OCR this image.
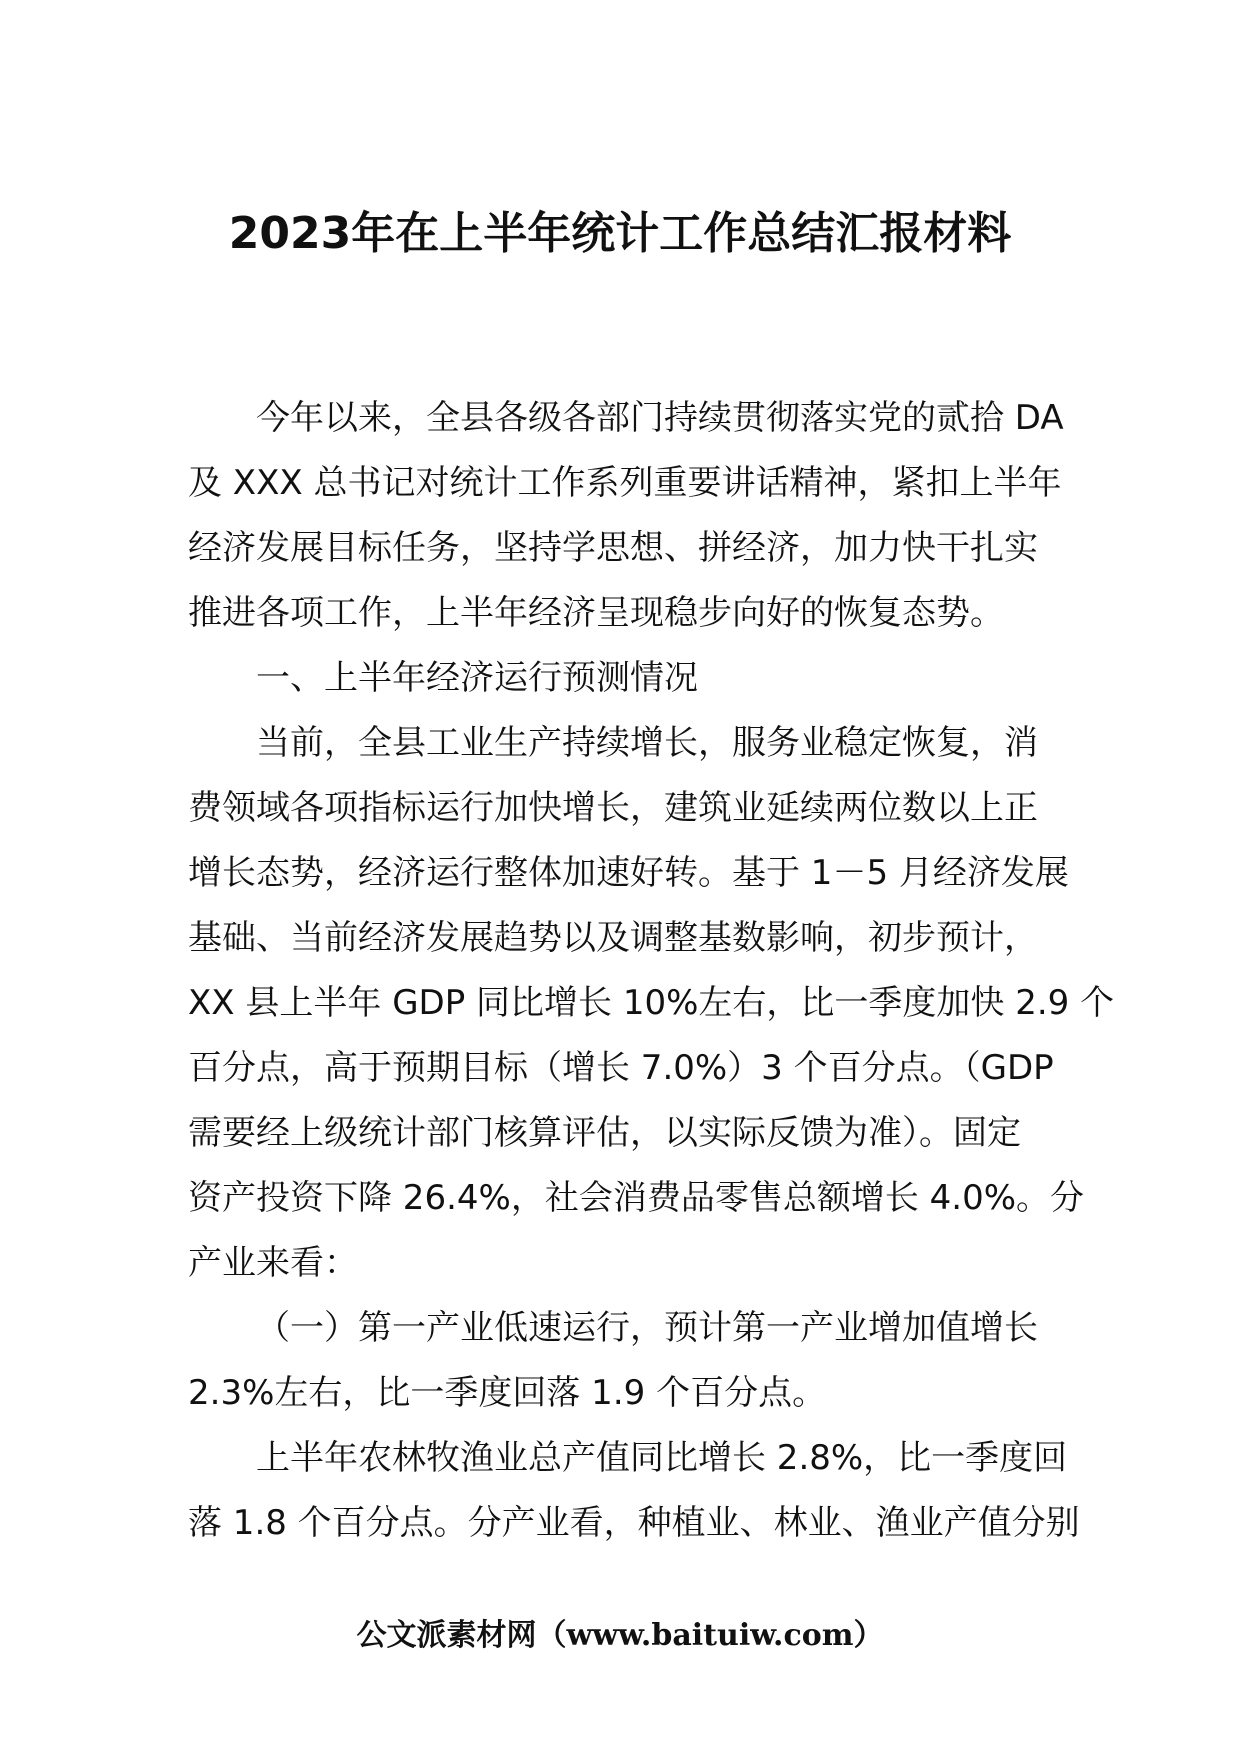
2023年在上半年统计工作总结汇报材料
今年以来，全县各级各部门持续贯彻落实党的贰拾 DA
及 XXX 总书记对统计工作系列重要讲话精神，紧扣上半年
经济发展目标任务，坚持学思想、拼经济，加力快干扎实
推进各项工作，上半年经济呈现稳步向好的恢复态势。
一、上半年经济运行预测情况
当前，全县工业生产持续增长，服务业稳定恢复，消
费领域各项指标运行加快增长，建筑业延续两位数以上正
增长态势，经济运行整体加速好转。基于 1－5 月经济发展
基础、当前经济发展趋势以及调整基数影响，初步预计，
XX 县上半年 GDP 同比增长 10%左右，比一季度加快 2.9 个
百分点，高于预期目标（增长 7.0%）3 个百分点。（GDP
需要经上级统计部门核算评估，以实际反馈为准）。固定
资产投资下降 26.4%，社会消费品零售总额增长 4.0%。分
产业来看：
（一）第一产业低速运行，预计第一产业增加值增长
2.3%左右，比一季度回落 1.9 个百分点。
上半年农林牧渔业总产值同比增长 2.8%，比一季度回
落 1.8 个百分点。分产业看，种植业、林业、渔业产值分别
公文派素材网（www.baituiw.com）
